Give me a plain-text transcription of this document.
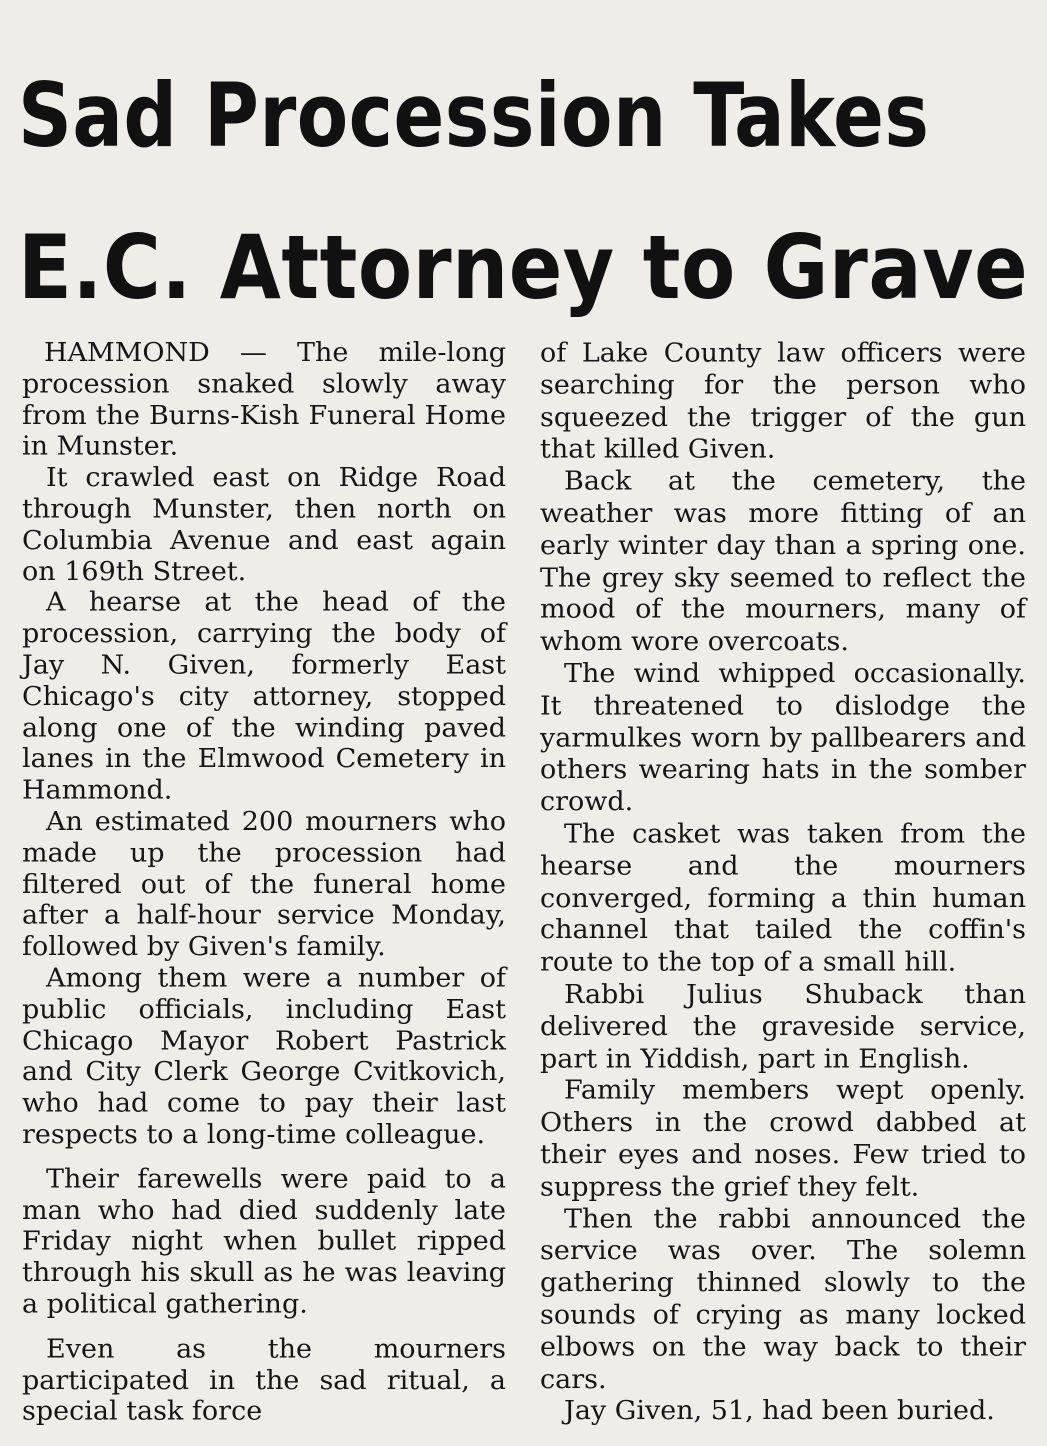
Sad Procession Takes
E.C. Attorney to Grave

HAMMOND — The mile-long procession snaked slowly away from the Burns-Kish Funeral Home in Munster.

It crawled east on Ridge Road through Munster, then north on Columbia Avenue and east again on 169th Street.

A hearse at the head of the procession, carrying the body of Jay N. Given, formerly East Chicago's city attorney, stopped along one of the winding paved lanes in the Elmwood Cemetery in Hammond.

An estimated 200 mourners who made up the procession had filtered out of the funeral home after a half-hour service Monday, followed by Given's family.

Among them were a number of public officials, including East Chicago Mayor Robert Pastrick and City Clerk George Cvitkovich, who had come to pay their last respects to a long-time colleague.

Their farewells were paid to a man who had died suddenly late Friday night when bullet ripped through his skull as he was leaving a political gathering.

Even as the mourners participated in the sad ritual, a special task force

of Lake County law officers were searching for the person who squeezed the trigger of the gun that killed Given.

Back at the cemetery, the weather was more fitting of an early winter day than a spring one. The grey sky seemed to reflect the mood of the mourners, many of whom wore overcoats.

The wind whipped occasionally. It threatened to dislodge the yarmulkes worn by pallbearers and others wearing hats in the somber crowd.

The casket was taken from the hearse and the mourners converged, forming a thin human channel that tailed the coffin's route to the top of a small hill.

Rabbi Julius Shuback than delivered the graveside service, part in Yiddish, part in English.

Family members wept openly. Others in the crowd dabbed at their eyes and noses. Few tried to suppress the grief they felt.

Then the rabbi announced the service was over. The solemn gathering thinned slowly to the sounds of crying as many locked elbows on the way back to their cars.

Jay Given, 51, had been buried.
